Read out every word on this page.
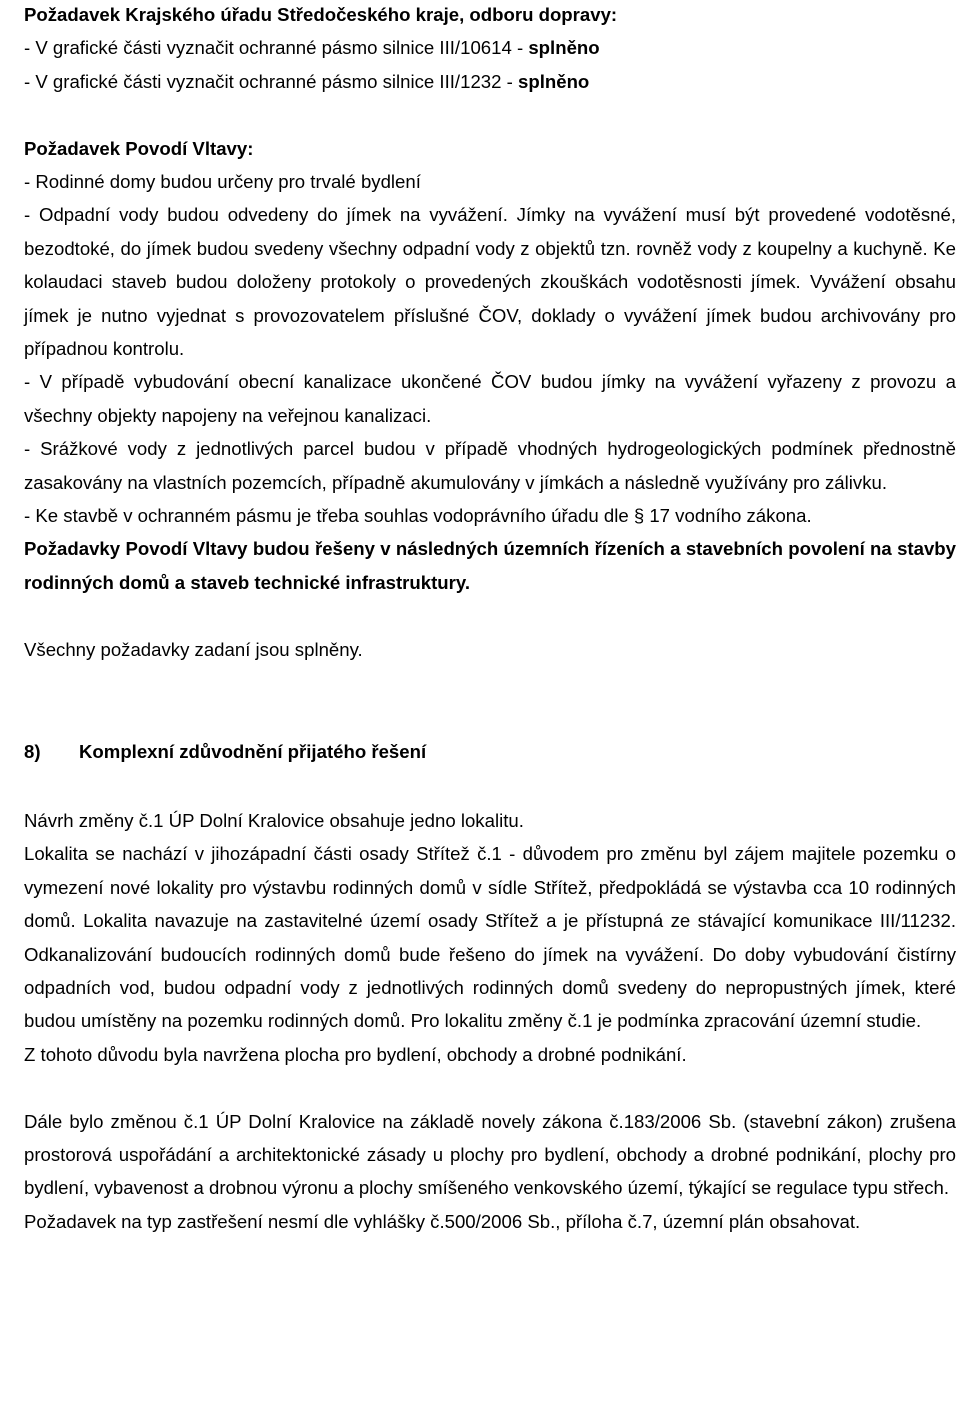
Požadavek Krajského úřadu Středočeského kraje, odboru dopravy:
- V grafické části vyznačit ochranné pásmo silnice III/10614 - splněno
- V grafické části vyznačit ochranné pásmo silnice III/1232 - splněno
Požadavek Povodí Vltavy:
- Rodinné domy budou určeny pro trvalé bydlení
- Odpadní vody budou odvedeny do jímek na vyvážení. Jímky na vyvážení musí být provedené vodotěsné, bezodtoké, do jímek budou svedeny všechny odpadní vody z objektů tzn. rovněž vody z koupelny a kuchyně. Ke kolaudaci staveb budou doloženy protokoly o provedených zkouškách vodotěsnosti jímek. Vyvážení obsahu jímek je nutno vyjednat s provozovatelem příslušné ČOV, doklady o vyvážení jímek budou archivovány pro případnou kontrolu.
- V případě vybudování obecní kanalizace ukončené ČOV budou jímky na vyvážení vyřazeny z provozu a všechny objekty napojeny na veřejnou kanalizaci.
- Srážkové vody z jednotlivých parcel budou v případě vhodných hydrogeologických podmínek přednostně zasakovány na vlastních pozemcích, případně akumulovány v jímkách a následně využívány pro zálivku.
- Ke stavbě v ochranném pásmu je třeba souhlas vodoprávního úřadu dle § 17 vodního zákona.
Požadavky Povodí Vltavy budou řešeny v následných územních řízeních a stavebních povolení na stavby rodinných domů a staveb technické infrastruktury.
Všechny požadavky zadaní jsou splněny.
8)	Komplexní zdůvodnění přijatého řešení
Návrh změny č.1 ÚP Dolní Kralovice obsahuje jedno lokalitu.
Lokalita se nachází v jihozápadní části osady Střítež č.1 - důvodem pro změnu byl zájem majitele pozemku o vymezení nové lokality pro výstavbu rodinných domů v sídle Střítež, předpokládá se výstavba cca 10 rodinných domů. Lokalita navazuje na zastavitelné území osady Střítež a je přístupná ze stávající komunikace III/11232. Odkanalizování budoucích rodinných domů bude řešeno do jímek na vyvážení. Do doby vybudování čistírny odpadních vod, budou odpadní vody z jednotlivých rodinných domů svedeny do nepropustných jímek, které budou umístěny na pozemku rodinných domů. Pro lokalitu změny č.1 je podmínka zpracování územní studie.
Z tohoto důvodu byla navržena plocha pro bydlení, obchody a drobné podnikání.
Dále bylo změnou č.1 ÚP Dolní Kralovice na základě novely zákona č.183/2006 Sb. (stavební zákon) zrušena prostorová uspořádání a architektonické zásady u plochy pro bydlení, obchody a drobné podnikání, plochy pro bydlení, vybavenost a drobnou výronu a plochy smíšeného venkovského území, týkající se regulace typu střech.
Požadavek na typ zastřešení nesmí dle vyhlášky č.500/2006 Sb., příloha č.7, územní plán obsahovat.
